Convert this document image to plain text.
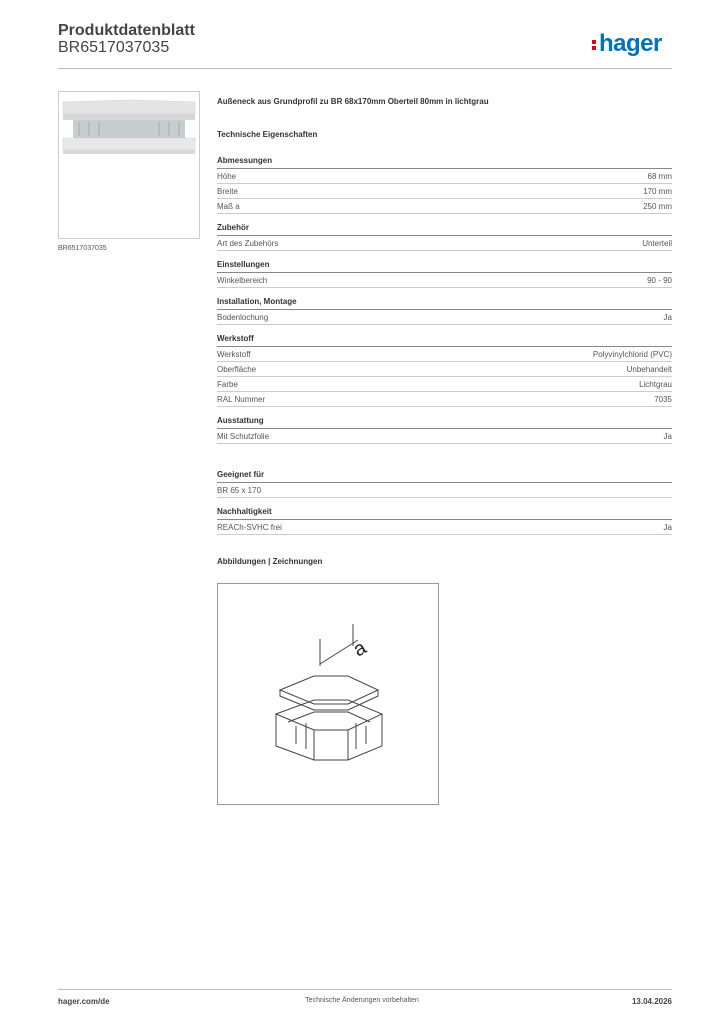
Produktdatenblatt
BR6517037035	hager
BR6517037035
Außeneck aus Grundprofil zu BR 68x170mm Oberteil 80mm in lichtgrau
Technische Eigenschaften
Abmessungen
Höhe	68 mm
Breite	170 mm
Maß a	250 mm
Zubehör
Art des Zubehörs	Unterteil
Einstellungen
Winkelbereich	90 - 90
Installation, Montage
Bodenlochung	Ja
Werkstoff
Werkstoff	Polyvinylchlorid (PVC)
Oberfläche	Unbehandelt
Farbe	Lichtgrau
RAL Nummer	7035
Ausstattung
Mit Schutzfolie	Ja
Geeignet für
BR 65 x 170
Nachhaltigkeit
REACh-SVHC frei	Ja
Abbildungen | Zeichnungen
a
hager.com/de	Technische Änderungen vorbehalten	13.04.2026
